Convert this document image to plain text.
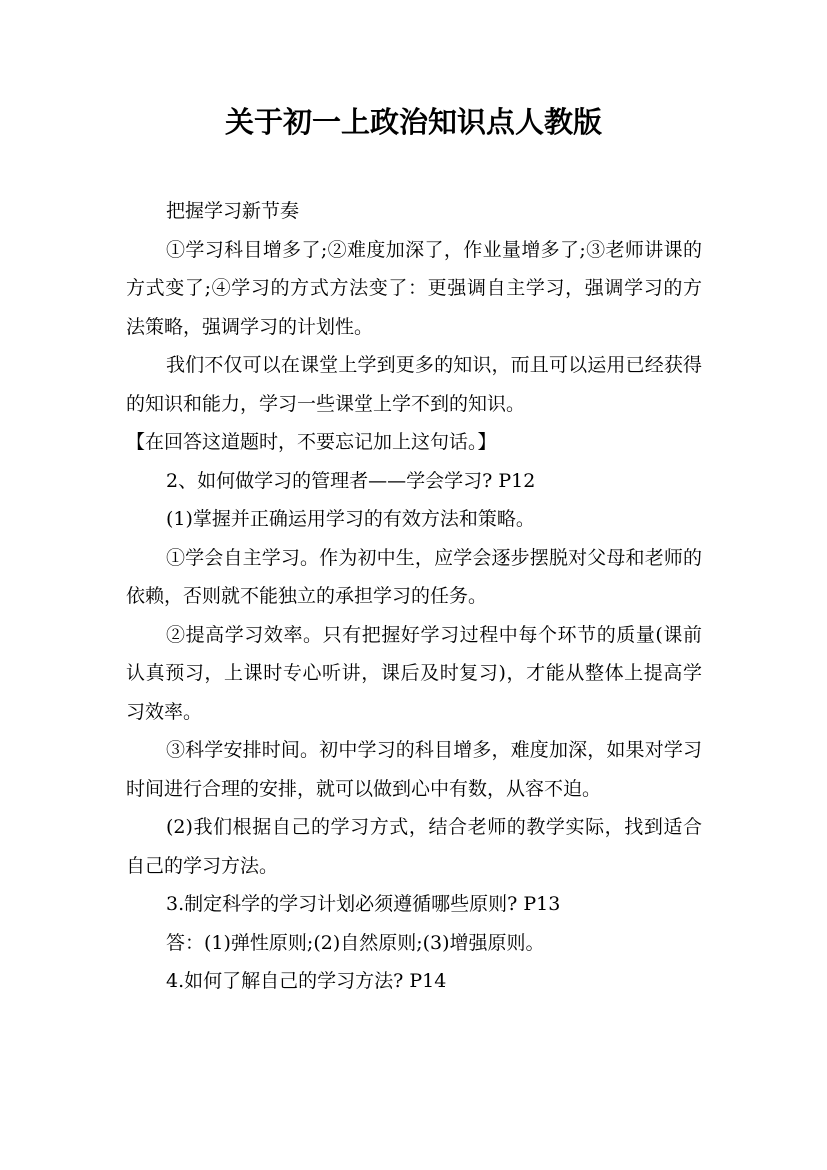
关于初一上政治知识点人教版

把握学习新节奏

①学习科目增多了;②难度加深了，作业量增多了;③老师讲课的方式变了;④学习的方式方法变了：更强调自主学习，强调学习的方法策略，强调学习的计划性。

我们不仅可以在课堂上学到更多的知识，而且可以运用已经获得的知识和能力，学习一些课堂上学不到的知识。

【在回答这道题时，不要忘记加上这句话。】

2、如何做学习的管理者——学会学习? P12

(1)掌握并正确运用学习的有效方法和策略。

①学会自主学习。作为初中生，应学会逐步摆脱对父母和老师的依赖，否则就不能独立的承担学习的任务。

②提高学习效率。只有把握好学习过程中每个环节的质量(课前认真预习，上课时专心听讲，课后及时复习)，才能从整体上提高学习效率。

③科学安排时间。初中学习的科目增多，难度加深，如果对学习时间进行合理的安排，就可以做到心中有数，从容不迫。

(2)我们根据自己的学习方式，结合老师的教学实际，找到适合自己的学习方法。

3.制定科学的学习计划必须遵循哪些原则? P13

答：(1)弹性原则;(2)自然原则;(3)增强原则。

4.如何了解自己的学习方法? P14
